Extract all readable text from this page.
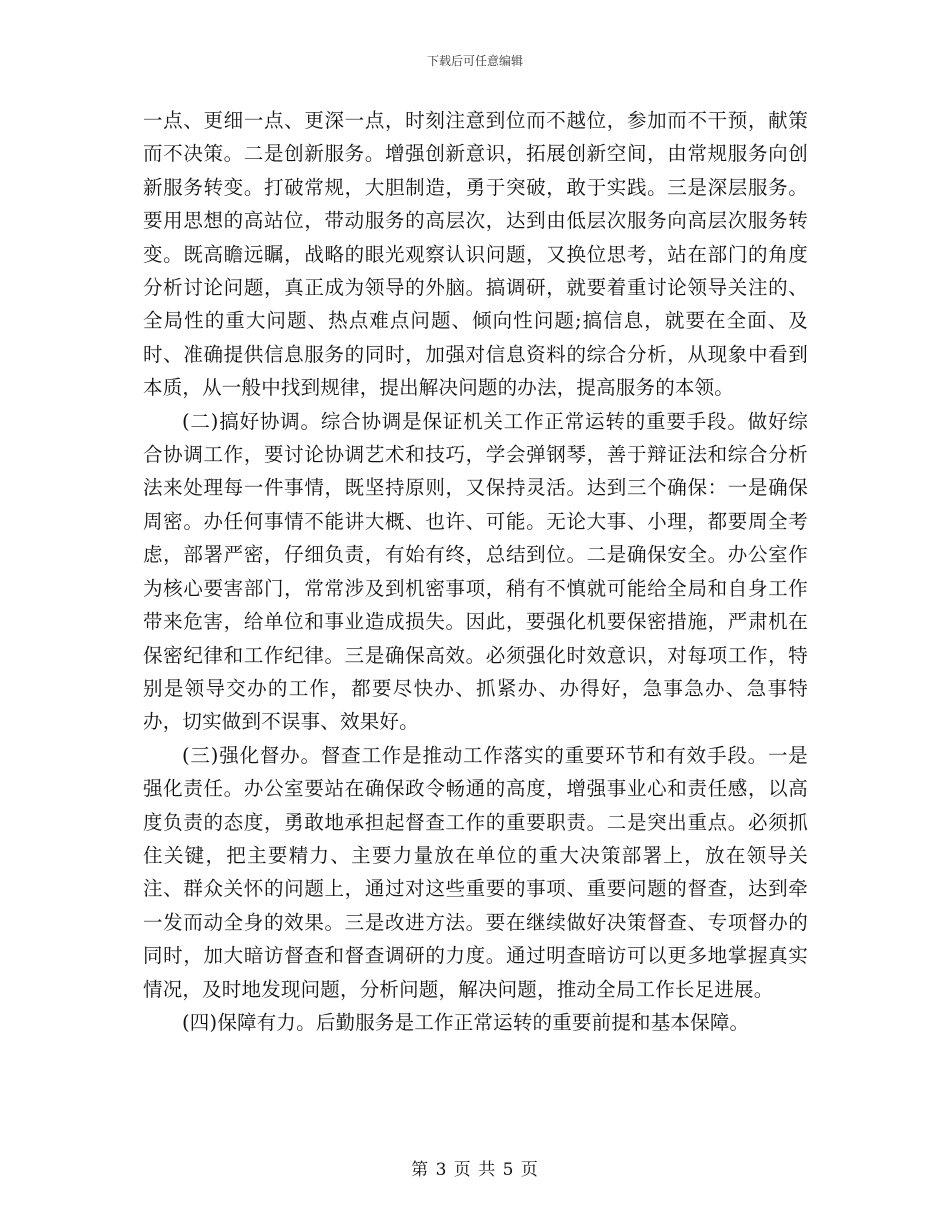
下载后可任意编辑

一点、更细一点、更深一点，时刻注意到位而不越位，参加而不干预，献策而不决策。二是创新服务。增强创新意识，拓展创新空间，由常规服务向创新服务转变。打破常规，大胆制造，勇于突破，敢于实践。三是深层服务。要用思想的高站位，带动服务的高层次，达到由低层次服务向高层次服务转变。既高瞻远瞩，战略的眼光观察认识问题，又换位思考，站在部门的角度分析讨论问题，真正成为领导的外脑。搞调研，就要着重讨论领导关注的、全局性的重大问题、热点难点问题、倾向性问题;搞信息，就要在全面、及时、准确提供信息服务的同时，加强对信息资料的综合分析，从现象中看到本质，从一般中找到规律，提出解决问题的办法，提高服务的本领。

(二)搞好协调。综合协调是保证机关工作正常运转的重要手段。做好综合协调工作，要讨论协调艺术和技巧，学会弹钢琴，善于辩证法和综合分析法来处理每一件事情，既坚持原则，又保持灵活。达到三个确保：一是确保周密。办任何事情不能讲大概、也许、可能。无论大事、小理，都要周全考虑，部署严密，仔细负责，有始有终，总结到位。二是确保安全。办公室作为核心要害部门，常常涉及到机密事项，稍有不慎就可能给全局和自身工作带来危害，给单位和事业造成损失。因此，要强化机要保密措施，严肃机在保密纪律和工作纪律。三是确保高效。必须强化时效意识，对每项工作，特别是领导交办的工作，都要尽快办、抓紧办、办得好，急事急办、急事特办，切实做到不误事、效果好。

(三)强化督办。督查工作是推动工作落实的重要环节和有效手段。一是强化责任。办公室要站在确保政令畅通的高度，增强事业心和责任感，以高度负责的态度，勇敢地承担起督查工作的重要职责。二是突出重点。必须抓住关键，把主要精力、主要力量放在单位的重大决策部署上，放在领导关注、群众关怀的问题上，通过对这些重要的事项、重要问题的督查，达到牵一发而动全身的效果。三是改进方法。要在继续做好决策督查、专项督办的同时，加大暗访督查和督查调研的力度。通过明查暗访可以更多地掌握真实情况，及时地发现问题，分析问题，解决问题，推动全局工作长足进展。

(四)保障有力。后勤服务是工作正常运转的重要前提和基本保障。

第 3 页 共 5 页
